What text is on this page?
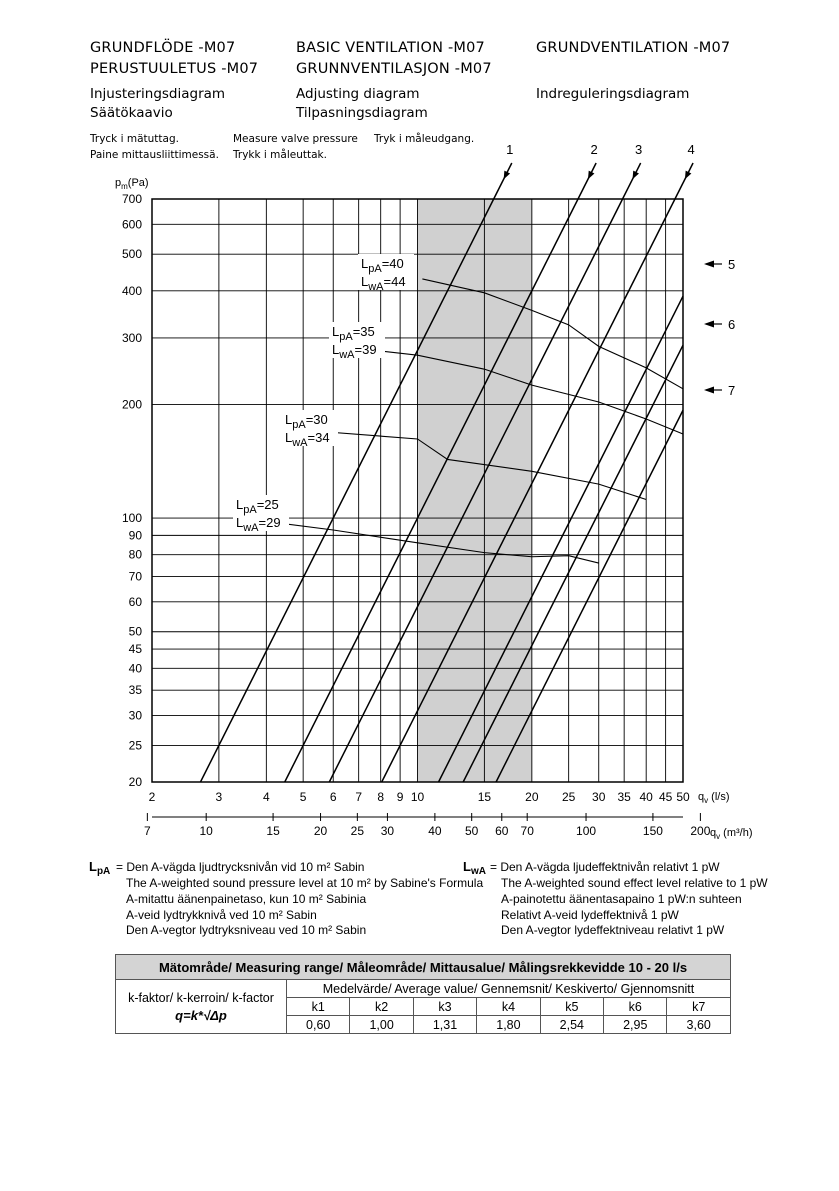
GRUNDFLÖDE -M07
PERUSTUULETUS -M07
Injusteringsdiagram
Säätökaavio
BASIC VENTILATION -M07
GRUNNVENTILASJON -M07
Adjusting diagram
Tilpasningsdiagram
GRUNDVENTILATION -M07
Indreguleringsdiagram
Tryck i mätuttag.
Paine mittausliittimessä.
Measure valve pressure
Trykk i måleuttak.
Tryk i måleudgang.
20
25
30
35
40
45
50
60
70
80
90
100
200
300
400
500
600
700
2	3	4	5 6 7 8 9 10	15	20 25 30 35 40 45 50
7	10	15	20 25 30	40 50 60 70	100	150 200
1	2	3	4
5
6
7
$L_{pA}=40$
$L_{wA}=44$
$L_{pA}=35$
$L_{wA}=39$
$L_{pA}=30$
$L_{wA}=34$
$L_{pA}=25$
$L_{wA}=29$
$p_m(Pa)$
$q_v$ (l/s)
$q_v$ (m³/h)
$L_{pA}$ = Den A-vägda ljudtrycksnivån vid 10 m² Sabin
The A-weighted sound pressure level at 10 m² by Sabine's Formula
A-mitattu äänenpainetaso, kun 10 m² Sabinia
A-veid lydtrykknivå ved 10 m² Sabin
Den A-vegtor lydtryksniveau ved 10 m² Sabin
$L_{wA}$ = Den A-vägda ljudeffektnivån relativt 1 pW
The A-weighted sound effect level relative to 1 pW
A-painotettu äänentasapaino 1 pW:n suhteen
Relativt A-veid lydeffektnivå 1 pW
Den A-vegtor lydeffektniveau relativt 1 pW
Mätområde/ Measuring range/ Måleområde/ Mittausalue/ Målingsrekkevidde 10 - 20 l/s							

k-faktor/ k-kerroin/ k-factor
q=k*√Δp	Medelvärde/ Average value/ Gennemsnit/ Keskiverto/ Gjennomsnitt						
	k1	k2	k3	k4	k5	k6	k7
	0,60	1,00	1,31	1,80	2,54	2,95	3,60
